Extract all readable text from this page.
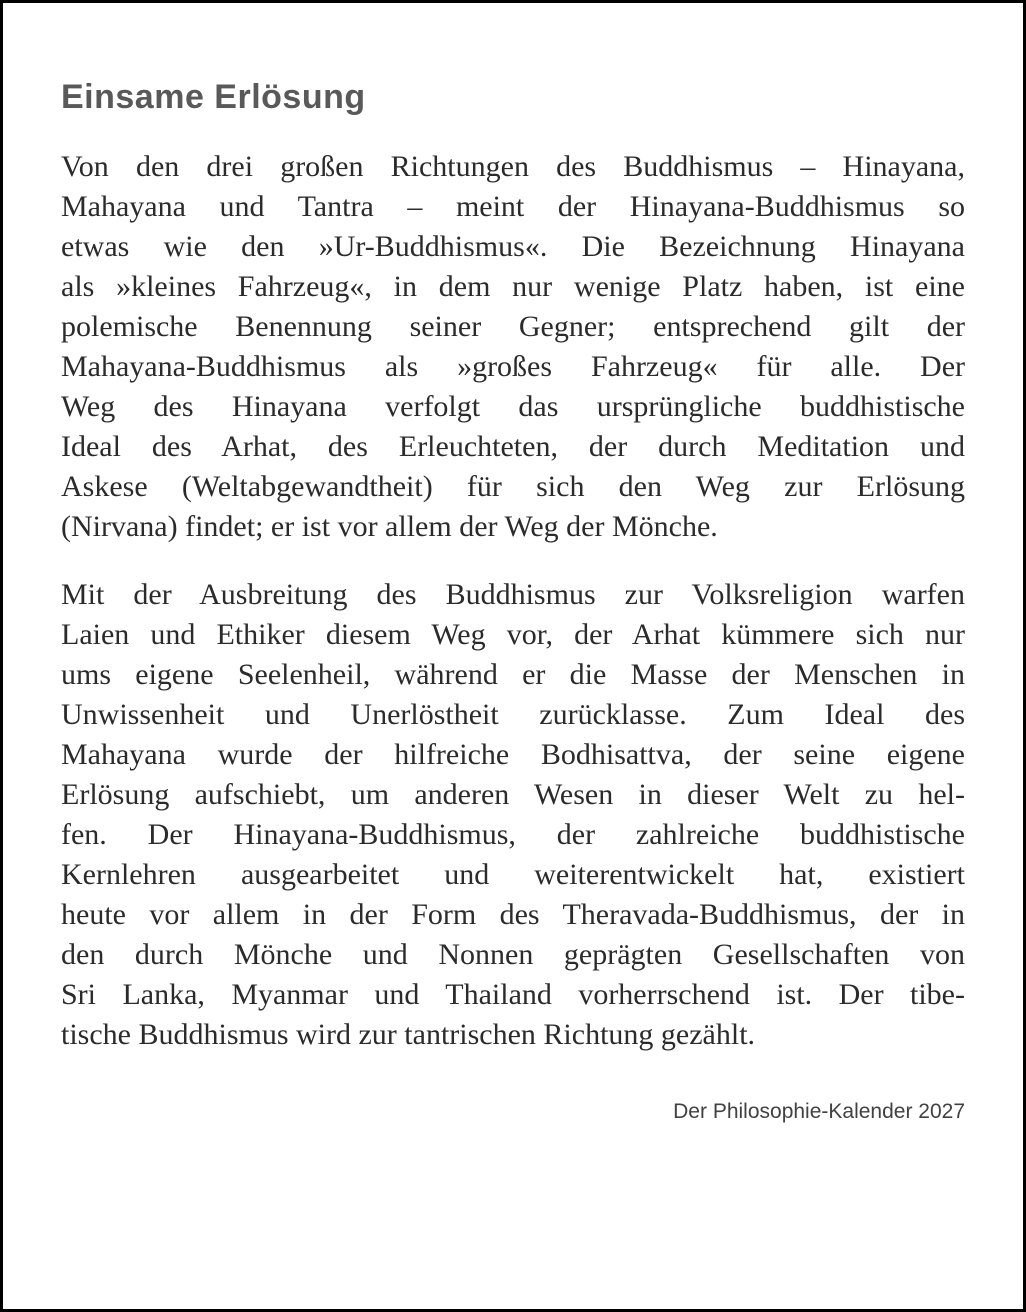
Einsame Erlösung
Von den drei großen Richtungen des Buddhismus – Hinayana,
Mahayana und Tantra – meint der Hinayana-Buddhismus so
etwas wie den »Ur-Buddhismus«. Die Bezeichnung Hinayana
als »kleines Fahrzeug«, in dem nur wenige Platz haben, ist eine
polemische Benennung seiner Gegner; entsprechend gilt der
Mahayana-Buddhismus als »großes Fahrzeug« für alle. Der
Weg des Hinayana verfolgt das ursprüngliche buddhistische
Ideal des Arhat, des Erleuchteten, der durch Meditation und
Askese (Weltabgewandtheit) für sich den Weg zur Erlösung
(Nirvana) findet; er ist vor allem der Weg der Mönche.
Mit der Ausbreitung des Buddhismus zur Volksreligion warfen
Laien und Ethiker diesem Weg vor, der Arhat kümmere sich nur
ums eigene Seelenheil, während er die Masse der Menschen in
Unwissenheit und Unerlöstheit zurücklasse. Zum Ideal des
Mahayana wurde der hilfreiche Bodhisattva, der seine eigene
Erlösung aufschiebt, um anderen Wesen in dieser Welt zu hel-
fen. Der Hinayana-Buddhismus, der zahlreiche buddhistische
Kernlehren ausgearbeitet und weiterentwickelt hat, existiert
heute vor allem in der Form des Theravada-Buddhismus, der in
den durch Mönche und Nonnen geprägten Gesellschaften von
Sri Lanka, Myanmar und Thailand vorherrschend ist. Der tibe-
tische Buddhismus wird zur tantrischen Richtung gezählt.
Der Philosophie-Kalender 2027
